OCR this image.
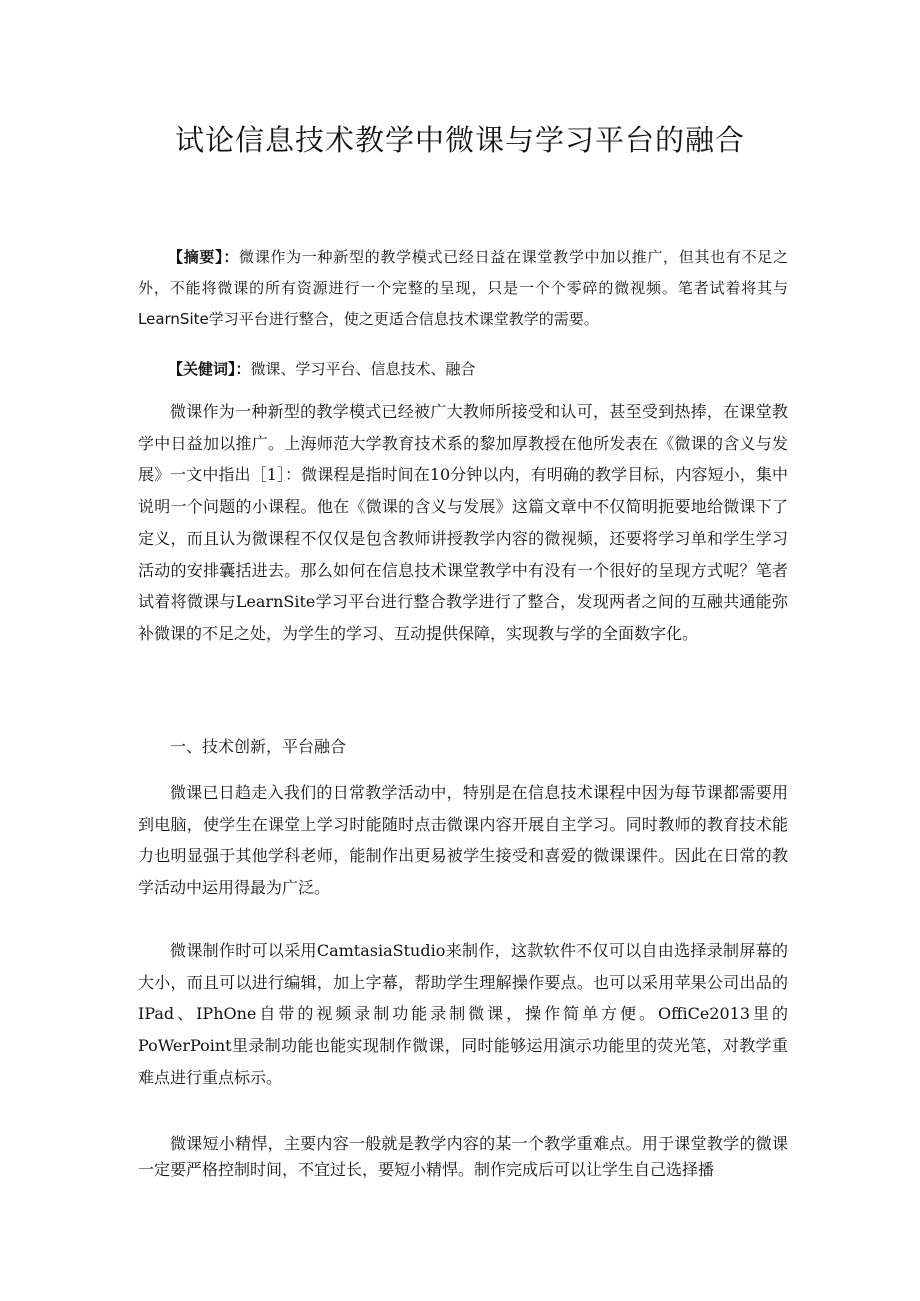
试论信息技术教学中微课与学习平台的融合

【摘要】：微课作为一种新型的教学模式已经日益在课堂教学中加以推广，但其也有不足之外，不能将微课的所有资源进行一个完整的呈现，只是一个个零碎的微视频。笔者试着将其与LearnSite学习平台进行整合，使之更适合信息技术课堂教学的需要。

【关健词】：微课、学习平台、信息技术、融合

微课作为一种新型的教学模式已经被广大教师所接受和认可，甚至受到热捧，在课堂教学中日益加以推广。上海师范大学教育技术系的黎加厚教授在他所发表在《微课的含义与发展》一文中指出［1］：微课程是指时间在10分钟以内，有明确的教学目标，内容短小，集中说明一个问题的小课程。他在《微课的含义与发展》这篇文章中不仅简明扼要地给微课下了定义，而且认为微课程不仅仅是包含教师讲授教学内容的微视频，还要将学习单和学生学习活动的安排囊括进去。那么如何在信息技术课堂教学中有没有一个很好的呈现方式呢？笔者试着将微课与LearnSite学习平台进行整合教学进行了整合，发现两者之间的互融共通能弥补微课的不足之处，为学生的学习、互动提供保障，实现教与学的全面数字化。

一、技术创新，平台融合

微课已日趋走入我们的日常教学活动中，特别是在信息技术课程中因为每节课都需要用到电脑，使学生在课堂上学习时能随时点击微课内容开展自主学习。同时教师的教育技术能力也明显强于其他学科老师，能制作出更易被学生接受和喜爱的微课课件。因此在日常的教学活动中运用得最为广泛。

微课制作时可以采用CamtasiaStudio来制作，这款软件不仅可以自由选择录制屏幕的大小，而且可以进行编辑，加上字幕，帮助学生理解操作要点。也可以采用苹果公司出品的IPad、IPhOne自带的视频录制功能录制微课，操作简单方便。OffiCe2013里的PoWerPoint里录制功能也能实现制作微课，同时能够运用演示功能里的荧光笔，对教学重难点进行重点标示。

微课短小精悍，主要内容一般就是教学内容的某一个教学重难点。用于课堂教学的微课一定要严格控制时间，不宜过长，要短小精悍。制作完成后可以让学生自己选择播
